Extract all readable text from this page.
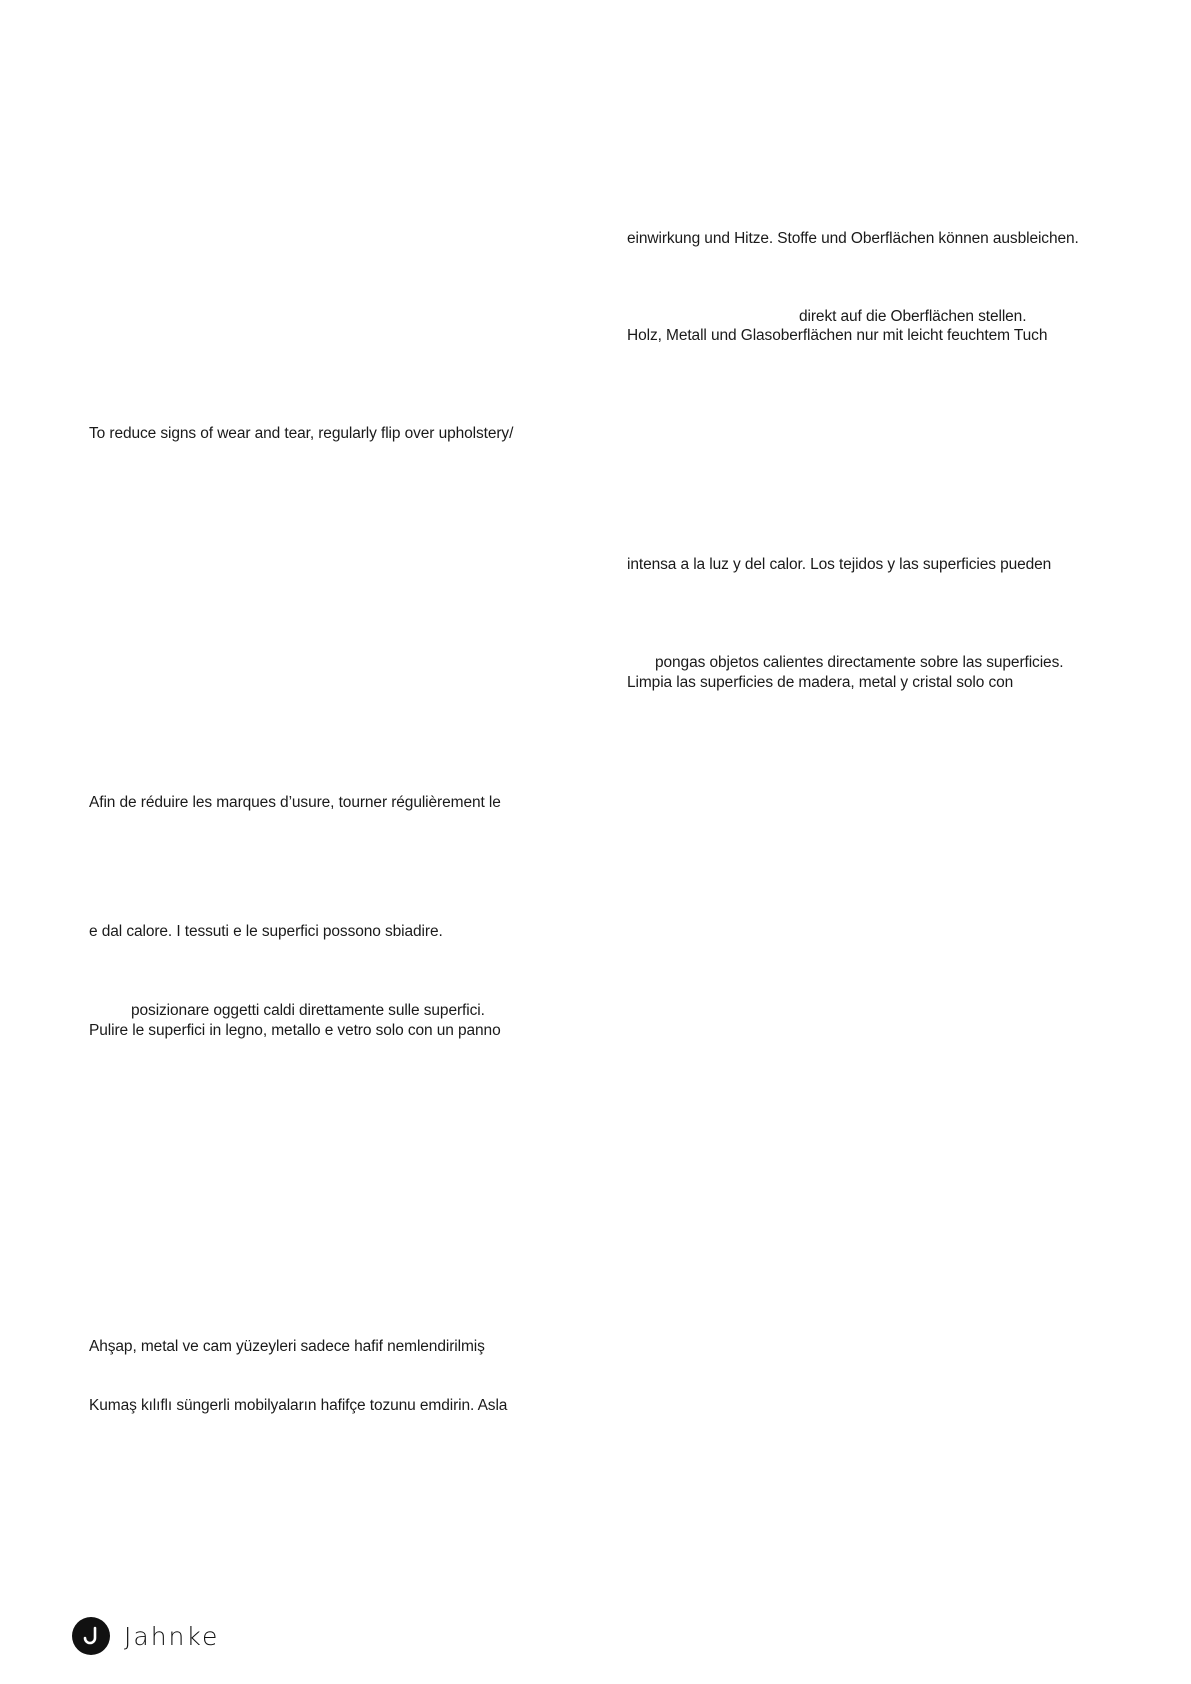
einwirkung und Hitze. Stoffe und Oberflächen können ausbleichen.
direkt auf die Oberflächen stellen.
Holz, Metall und Glasoberflächen nur mit leicht feuchtem Tuch
intensa a la luz y del calor. Los tejidos y las superficies pueden
pongas objetos calientes directamente sobre las superficies.
Limpia las superficies de madera, metal y cristal solo con
To reduce signs of wear and tear, regularly flip over upholstery/
Afin de réduire les marques d’usure, tourner régulièrement le
e dal calore. I tessuti e le superfici possono sbiadire.
posizionare oggetti caldi direttamente sulle superfici.
Pulire le superfici in legno, metallo e vetro solo con un panno
Ahşap, metal ve cam yüzeyleri sadece hafif nemlendirilmiş
Kumaş kılıflı süngerli mobilyaların hafifçe tozunu emdirin. Asla
Jahnke
